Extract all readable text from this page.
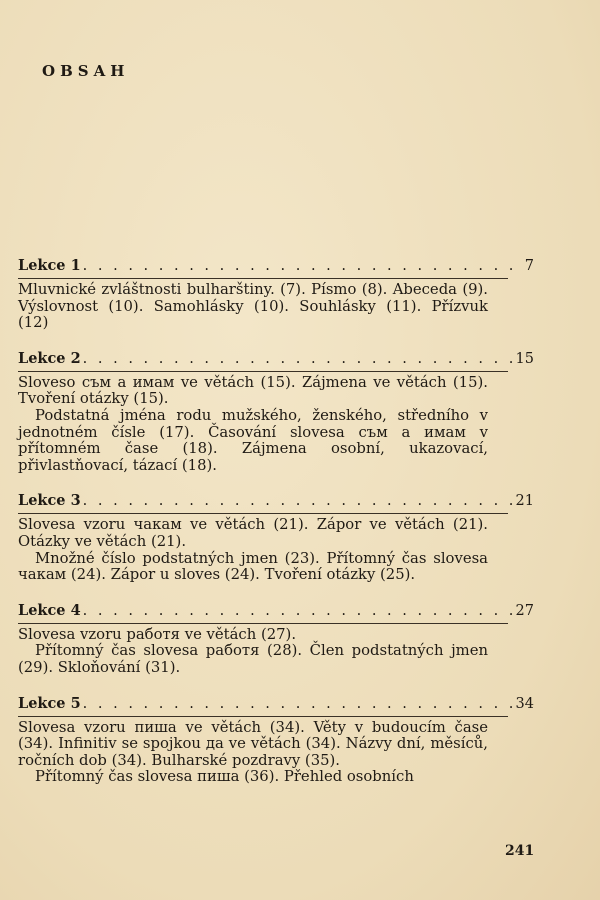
OBSAH
Lekce 1 . . .	7
Mluvnické zvláštnosti bulharštiny. (7). Písmo (8). Abeceda (9). Výslovnost (10). Samohlásky (10). Souhlásky (11). Přízvuk (12)
Lekce 2 . . .	15
Sloveso съм a имам ve větách (15). Zájmena ve větách (15). Tvoření otázky (15).
Podstatná jména rodu mužského, ženského, středního v jednotném čísle (17). Časování slovesa съм a имам v přítomném čase (18). Zájmena osobní, ukazovací, přivlastňovací, tázací (18).
Lekce 3 . . .	21
Slovesa vzoru чакам ve větách (21). Zápor ve větách (21). Otázky ve větách (21).
Množné číslo podstatných jmen (23). Přítomný čas slovesa чакам (24). Zápor u sloves (24). Tvoření otázky (25).
Lekce 4 . . .	27
Slovesa vzoru работя ve větách (27).
Přítomný čas slovesa работя (28). Člen podstatných jmen (29). Skloňování (31).
Lekce 5 . . .	34
Slovesa vzoru пиша ve větách (34). Věty v budoucím čase (34). Infinitiv se spojkou да ve větách (34). Názvy dní, měsíců, ročních dob (34). Bulharské pozdravy (35).
Přítomný čas slovesa пиша (36). Přehled osobních
241
